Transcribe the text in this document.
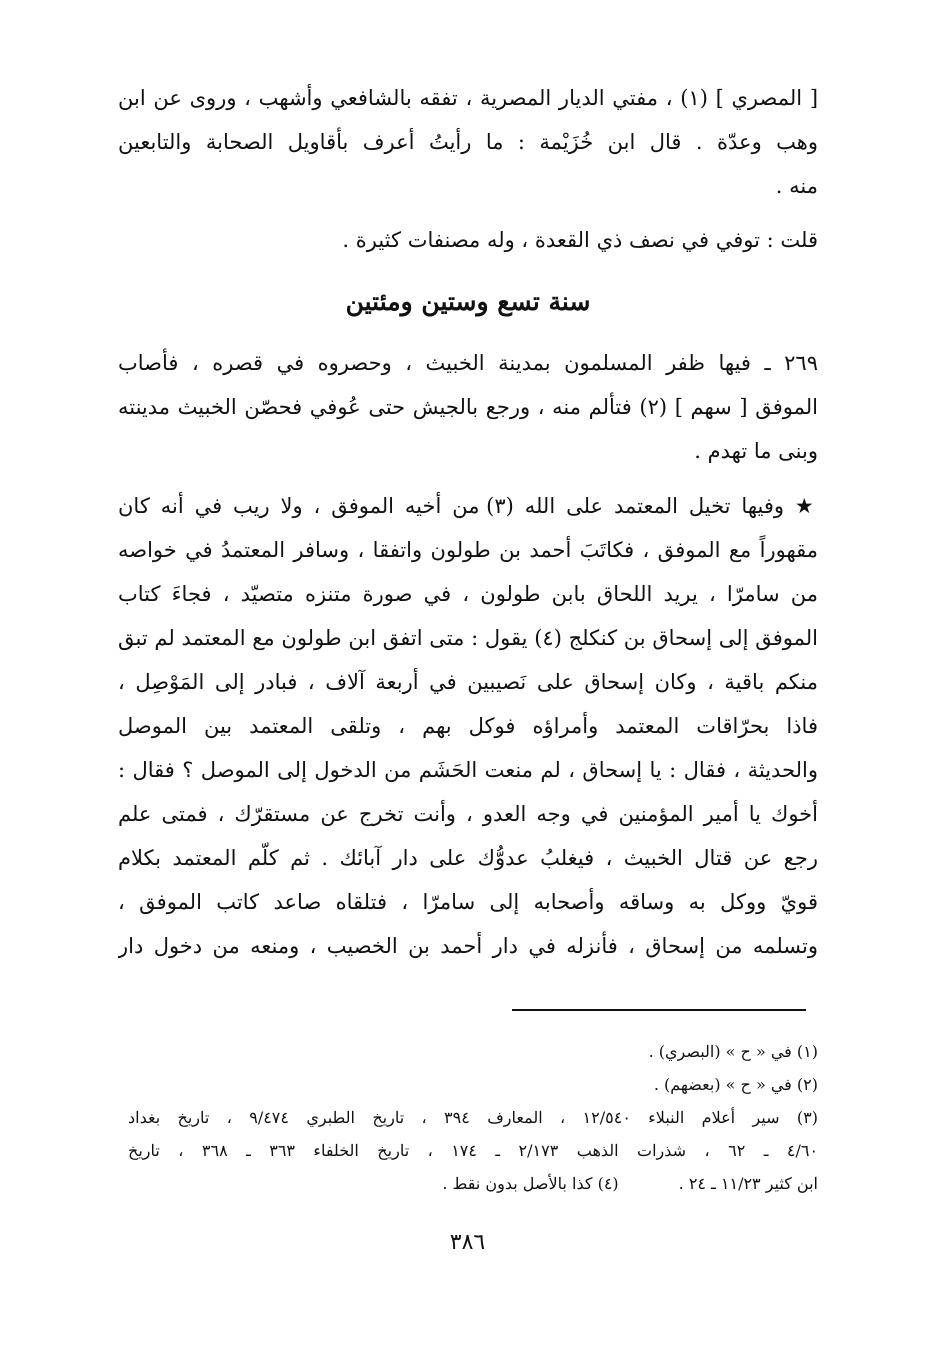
[ المصري ] (١) ، مفتي الديار المصرية ، تفقه بالشافعي وأشهب ، وروى عن ابن
وهب وعدّة . قال ابن خُزَيْمة : ما رأيتُ أعرف بأقاويل الصحابة والتابعين
منه .
قلت : توفي في نصف ذي القعدة ، وله مصنفات كثيرة .
سنة تسع وستين ومئتين
٢٦٩ ـ فيها ظفر المسلمون بمدينة الخبيث ، وحصروه في قصره ، فأصاب
الموفق [ سهم ] (٢) فتألم منه ، ورجع بالجيش حتى عُوفي فحصّن الخبيث مدينته
وبنى ما تهدم .
★ وفيها تخيل المعتمد على الله (٣) من أخيه الموفق ، ولا ريب في أنه كان
مقهوراً مع الموفق ، فكاتَبَ أحمد بن طولون واتفقا ، وسافر المعتمدُ في خواصه
من سامرّا ، يريد اللحاق بابن طولون ، في صورة متنزه متصيّد ، فجاءَ كتاب
الموفق إلى إسحاق بن كنكلج (٤) يقول : متى اتفق ابن طولون مع المعتمد لم تبق
منكم باقية ، وكان إسحاق على نَصيبين في أربعة آلاف ، فبادر إلى المَوْصِل ،
فاذا بحرّاقات المعتمد وأمراؤه فوكل بهم ، وتلقى المعتمد بين الموصل
والحديثة ، فقال : يا إسحاق ، لم منعت الحَشَم من الدخول إلى الموصل ؟ فقال :
أخوك يا أمير المؤمنين في وجه العدو ، وأنت تخرج عن مستقرّك ، فمتى علم
رجع عن قتال الخبيث ، فيغلبُ عدوُّك على دار آبائك . ثم كلّم المعتمد بكلام
قويّ ووكل به وساقه وأصحابه إلى سامرّا ، فتلقاه صاعد كاتب الموفق ،
وتسلمه من إسحاق ، فأنزله في دار أحمد بن الخصيب ، ومنعه من دخول دار
(١) في « ح » (البصري) .
(٢) في « ح » (بعضهم) .
(٣) سير أعلام النبلاء ١٢/٥٤٠ ، المعارف ٣٩٤ ، تاريخ الطبري ٩/٤٧٤ ، تاريخ بغداد
٤/٦٠ ـ ٦٢ ، شذرات الذهب ٢/١٧٣ ـ ١٧٤ ، تاريخ الخلفاء ٣٦٣ ـ ٣٦٨ ، تاريخ
ابن كثير ١١/٢٣ ـ ٢٤ .
(٤) كذا بالأصل بدون نقط .
٣٨٦
